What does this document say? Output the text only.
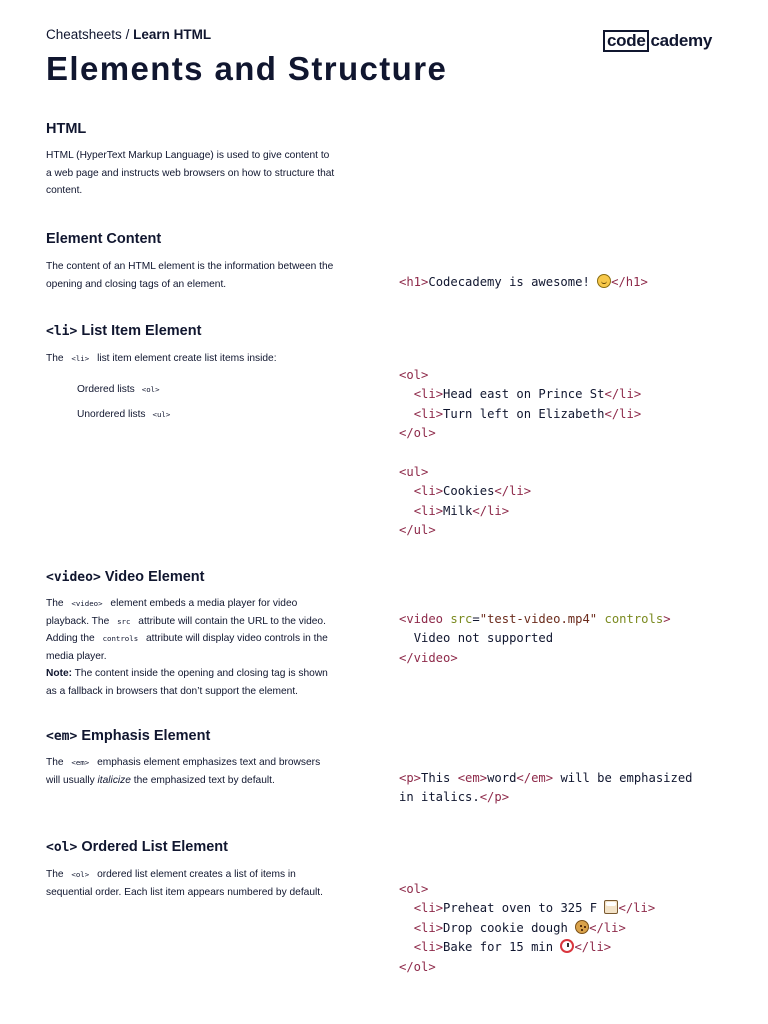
Cheatsheets / Learn HTML	code cademy
Elements and Structure
HTML
HTML (HyperText Markup Language) is used to give content to a web page and instructs web browsers on how to structure that content.
Element Content
The content of an HTML element is the information between the opening and closing tags of an element.	<h1>Codecademy is awesome! </h1>
<li> List Item Element
The <li> list item element create list items inside:
Ordered lists <ol>
Unordered lists <ul>
<ol>
<li>Head east on Prince St</li>
<li>Turn left on Elizabeth</li>
</ol>

<ul>
<li>Cookies</li>
<li>Milk</li>
</ul>
<video> Video Element
The <video> element embeds a media player for video playback. The src attribute will contain the URL to the video. Adding the controls attribute will display video controls in the media player.
Note: The content inside the opening and closing tag is shown as a fallback in browsers that don’t support the element.
<video src="test-video.mp4" controls>
Video not supported
</video>
<em> Emphasis Element
The <em> emphasis element emphasizes text and browsers will usually italicize the emphasized text by default.	<p>This <em>word</em> will be emphasized
in italics.</p>
<ol> Ordered List Element
The <ol> ordered list element creates a list of items in sequential order. Each list item appears numbered by default.	<ol>
<li>Preheat oven to 325 F </li>
<li>Drop cookie dough </li>
<li>Bake for 15 min </li>
</ol>
